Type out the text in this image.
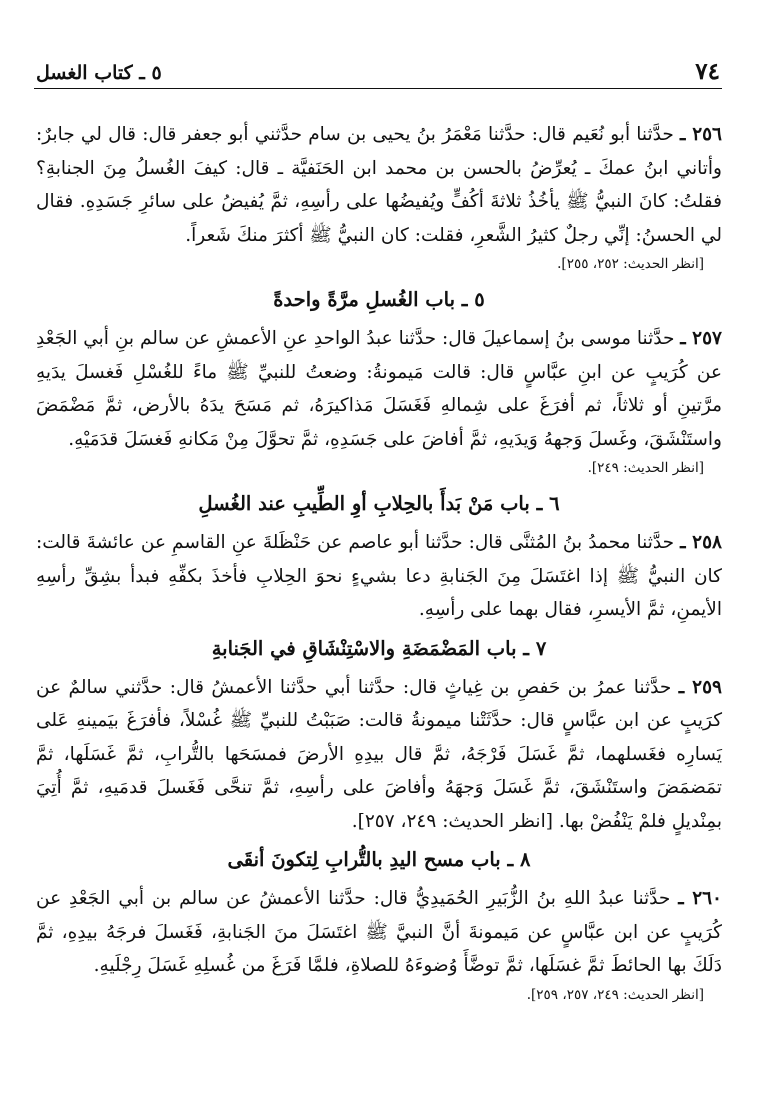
٧٤
٥ ـ كتاب الغسل

٢٥٦ ـ حدَّثنا أبو نُعَيم قال: حدَّثنا مَعْمَرُ بنُ يحيى بن سام حدَّثني أبو جعفر قال: قال لي جابرٌ: وأتاني ابنُ عمكَ ـ يُعرِّضُ بالحسن بن محمد ابن الحَنَفيَّة ـ قال: كيفَ الغُسلُ مِنَ الجنابةِ؟ فقلتُ: كانَ النبيُّ ﷺ يأخُذُ ثلاثةَ أكُفٍّ ويُفيضُها على رأسِهِ، ثمَّ يُفيضُ على سائرِ جَسَدِهِ. فقال لي الحسنُ: إنِّي رجلٌ كثيرُ الشَّعرِ، فقلت: كان النبيُّ ﷺ أكثرَ منكَ شَعراً.

[انظر الحديث: ٢٥٢، ٢٥٥].

٥ ـ باب الغُسلِ مرَّةً واحدةً

٢٥٧ ـ حدَّثنا موسى بنُ إسماعيلَ قال: حدَّثنا عبدُ الواحدِ عنِ الأعمشِ عن سالم بنِ أبي الجَعْدِ عن كُرَيبٍ عن ابنِ عبَّاسٍ قال: قالت مَيمونةُ: وضعتُ للنبيِّ ﷺ ماءً للغُسْلِ فَغسلَ يدَيهِ مرَّتينِ أو ثلاثاً، ثم أفرَغَ على شِمالهِ فَغَسَلَ مَذاكيرَهُ، ثم مَسَحَ يدَهُ بالأرض، ثمَّ مَضْمَضَ واستَنْشَقَ، وغَسلَ وَجههُ وَيدَيهِ، ثمَّ أفاضَ على جَسَدِهِ، ثمَّ تحوَّلَ مِنْ مَكانهِ فَغسَلَ قدَمَيْهِ.

[انظر الحديث: ٢٤٩].

٦ ـ باب مَنْ بَدأَ بالحِلابِ أوِ الطِّيبِ عند الغُسلِ

٢٥٨ ـ حدَّثنا محمدُ بنُ المُثنَّى قال: حدَّثنا أبو عاصم عن حَنْظَلةَ عنِ القاسمِ عن عائشةَ قالت: كان النبيُّ ﷺ إذا اغتَسَلَ مِنَ الجَنابةِ دعا بشيءٍ نحوَ الحِلابِ فأخذَ بكفِّهِ فبدأ بشِقِّ رأسِهِ الأيمنِ، ثمَّ الأيسرِ، فقال بهما على رأسِهِ.

٧ ـ باب المَضْمَضَةِ والاسْتِنْشَاقِ في الجَنابةِ

٢٥٩ ـ حدَّثنا عمرُ بن حَفصِ بن غِياثٍ قال: حدَّثنا أبي حدَّثنا الأعمشُ قال: حدَّثني سالمٌ عن كرَيبٍ عن ابن عبَّاسٍ قال: حدَّثَتْنا ميمونةُ قالت: صَبَبْتُ للنبيِّ ﷺ غُسْلاً، فأفرَغَ بيَمينهِ عَلى يَسارِه فغَسلهما، ثمَّ غَسَلَ فَرْجَهُ، ثمَّ قال بيدِهِ الأرضَ فمسَحَها بالتُّرابِ، ثمَّ غَسَلَها، ثمَّ تمَضمَضَ واستَنْشَقَ، ثمَّ غَسَلَ وَجهَهُ وأفاضَ على رأسِهِ، ثمَّ تنحَّى فَغَسلَ قدمَيهِ، ثمَّ أُتِيَ بمِنْديلٍ فلمْ يَنْفُضْ بها. [انظر الحديث: ٢٤٩، ٢٥٧].

٨ ـ باب مسح اليدِ بالتُّرابِ لِتكونَ أنقَى

٢٦٠ ـ حدَّثنا عبدُ اللهِ بنُ الزُّبَيرِ الحُمَيدِيُّ قال: حدَّثنا الأعمشُ عن سالم بن أبي الجَعْدِ عن كُرَيبٍ عن ابن عبَّاسٍ عن مَيمونةَ أنَّ النبيَّ ﷺ اغتَسَلَ منَ الجَنابةِ، فَغَسلَ فرجَهُ بيدِهِ، ثمَّ دَلَكَ بها الحائطَ ثمَّ غسَلَها، ثمَّ توضَّأَ وُضوءَهُ للصلاةِ، فلمَّا فَرَغَ من غُسلِهِ غَسَلَ رِجْلَيهِ.

[انظر الحديث: ٢٤٩، ٢٥٧، ٢٥٩].
